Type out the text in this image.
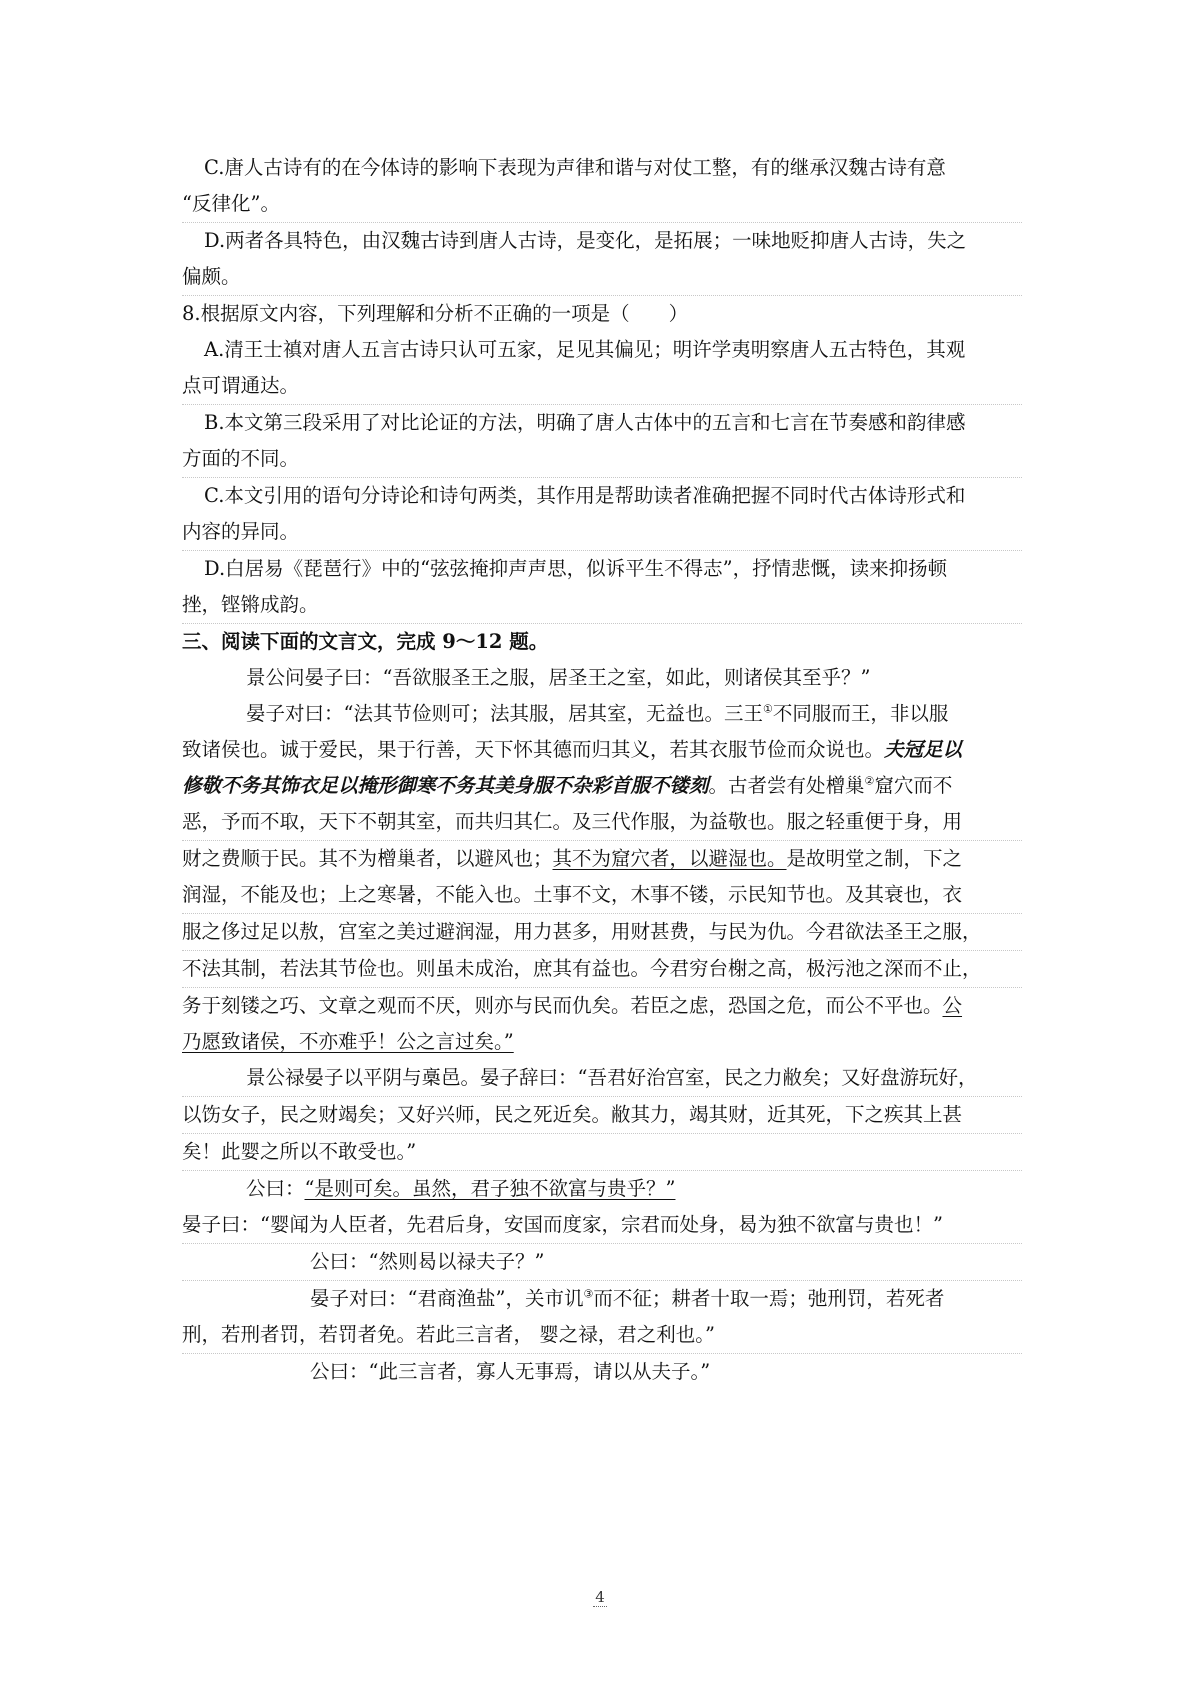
C.唐人古诗有的在今体诗的影响下表现为声律和谐与对仗工整，有的继承汉魏古诗有意
“反律化”。
D.两者各具特色，由汉魏古诗到唐人古诗，是变化，是拓展；一味地贬抑唐人古诗，失之
偏颇。
8.根据原文内容，下列理解和分析不正确的一项是（　　）
A.清王士禛对唐人五言古诗只认可五家，足见其偏见；明许学夷明察唐人五古特色，其观
点可谓通达。
B.本文第三段采用了对比论证的方法，明确了唐人古体中的五言和七言在节奏感和韵律感
方面的不同。
C.本文引用的语句分诗论和诗句两类，其作用是帮助读者准确把握不同时代古体诗形式和
内容的异同。
D.白居易《琵琶行》中的“弦弦掩抑声声思，似诉平生不得志”，抒情悲慨，读来抑扬顿
挫，铿锵成韵。
三、阅读下面的文言文，完成 9～12 题。
景公问晏子曰：“吾欲服圣王之服，居圣王之室，如此，则诸侯其至乎？”
晏子对曰：“法其节俭则可；法其服，居其室，无益也。三王①不同服而王，非以服
致诸侯也。诚于爱民，果于行善，天下怀其德而归其义，若其衣服节俭而众说也。夫冠足以
修敬不务其饰衣足以掩形御寒不务其美身服不杂彩首服不镂刻。古者尝有处橧巢②窟穴而不
恶，予而不取，天下不朝其室，而共归其仁。及三代作服，为益敬也。服之轻重便于身，用
财之费顺于民。其不为橧巢者，以避风也；其不为窟穴者，以避湿也。是故明堂之制，下之
润湿，不能及也；上之寒暑，不能入也。土事不文，木事不镂，示民知节也。及其衰也，衣
服之侈过足以敖，宫室之美过避润湿，用力甚多，用财甚费，与民为仇。今君欲法圣王之服，
不法其制，若法其节俭也。则虽未成治，庶其有益也。今君穷台榭之高，极污池之深而不止，
务于刻镂之巧、文章之观而不厌，则亦与民而仇矣。若臣之虑，恐国之危，而公不平也。公
乃愿致诸侯，不亦难乎！公之言过矣。”
景公禄晏子以平阴与槀邑。晏子辞曰：“吾君好治宫室，民之力敝矣；又好盘游玩好，
以饬女子，民之财竭矣；又好兴师，民之死近矣。敝其力，竭其财，近其死，下之疾其上甚
矣！此婴之所以不敢受也。”
公曰：“是则可矣。虽然，君子独不欲富与贵乎？”
晏子曰：“婴闻为人臣者，先君后身，安国而度家，宗君而处身，曷为独不欲富与贵也！”
公曰：“然则曷以禄夫子？”
晏子对曰：“君商渔盐”，关市讥③而不征；耕者十取一焉；弛刑罚，若死者
刑，若刑者罚，若罚者免。若此三言者， 婴之禄，君之利也。”
公曰：“此三言者，寡人无事焉，请以从夫子。”
4
